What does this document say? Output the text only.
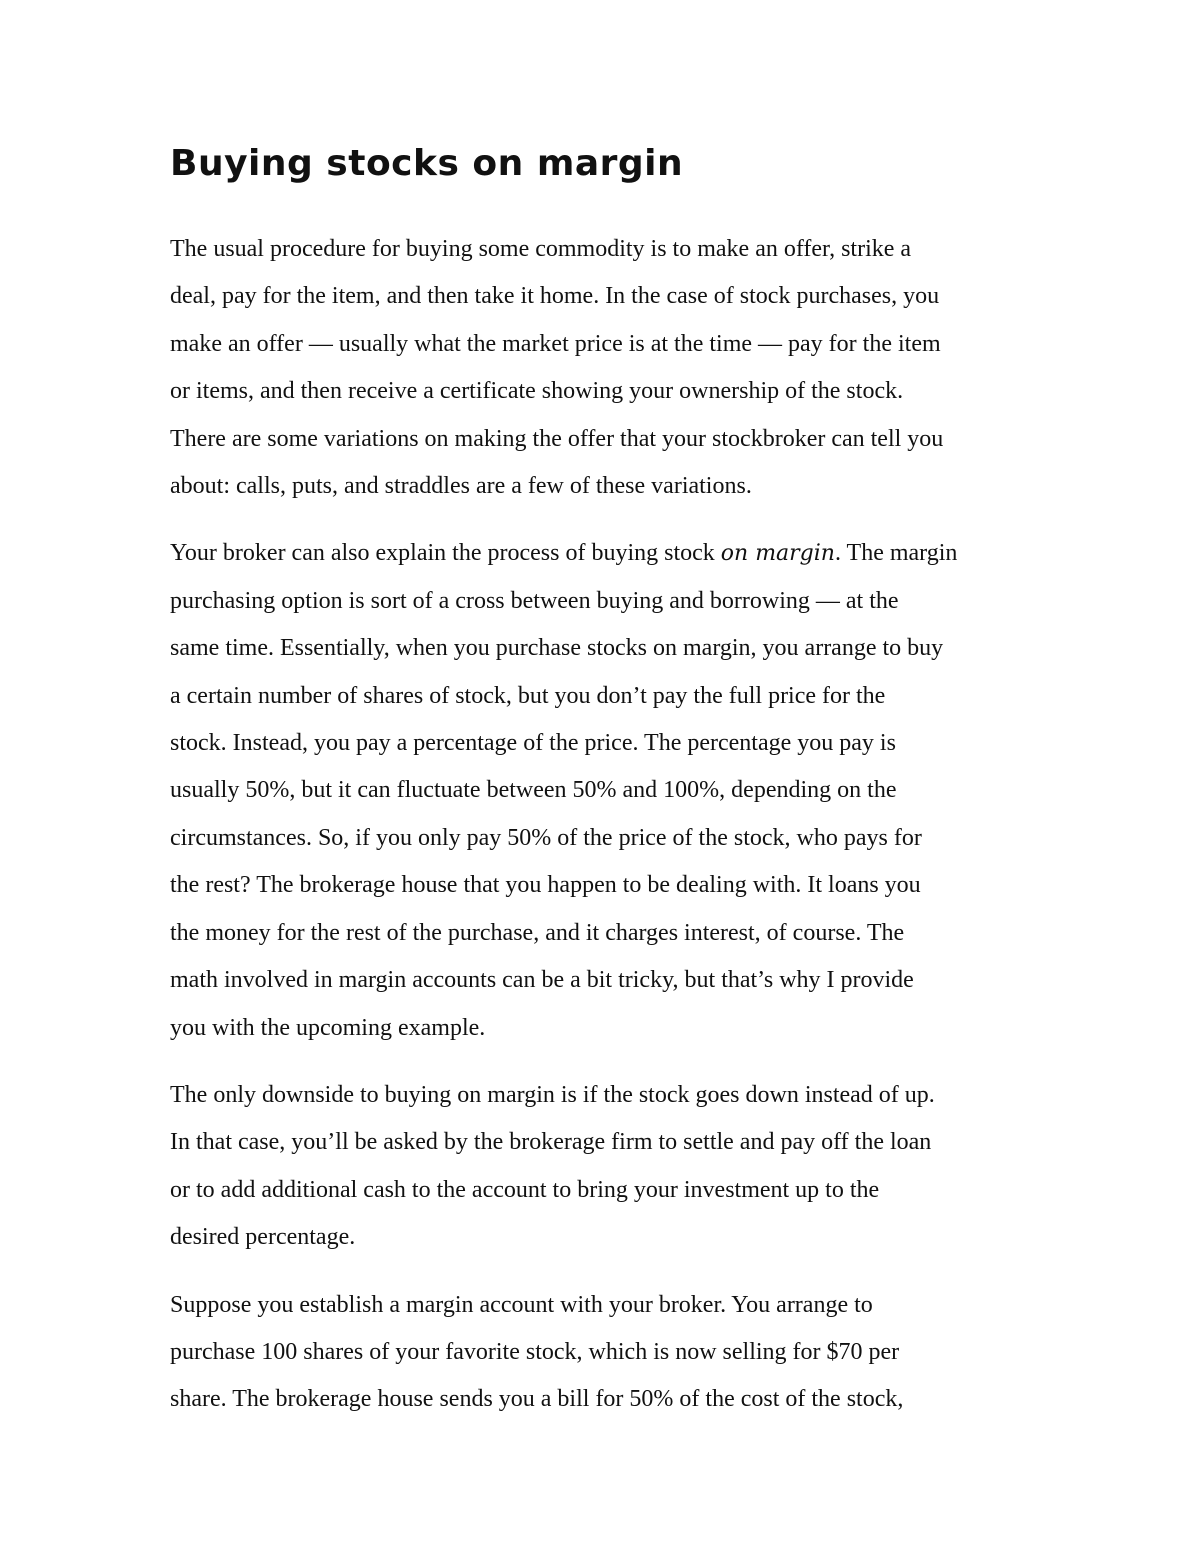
Buying stocks on margin

The usual procedure for buying some commodity is to make an offer, strike a
deal, pay for the item, and then take it home. In the case of stock purchases, you
make an offer — usually what the market price is at the time — pay for the item
or items, and then receive a certificate showing your ownership of the stock.
There are some variations on making the offer that your stockbroker can tell you
about: calls, puts, and straddles are a few of these variations.

Your broker can also explain the process of buying stock on margin. The margin
purchasing option is sort of a cross between buying and borrowing — at the
same time. Essentially, when you purchase stocks on margin, you arrange to buy
a certain number of shares of stock, but you don’t pay the full price for the
stock. Instead, you pay a percentage of the price. The percentage you pay is
usually 50%, but it can fluctuate between 50% and 100%, depending on the
circumstances. So, if you only pay 50% of the price of the stock, who pays for
the rest? The brokerage house that you happen to be dealing with. It loans you
the money for the rest of the purchase, and it charges interest, of course. The
math involved in margin accounts can be a bit tricky, but that’s why I provide
you with the upcoming example.

The only downside to buying on margin is if the stock goes down instead of up.
In that case, you’ll be asked by the brokerage firm to settle and pay off the loan
or to add additional cash to the account to bring your investment up to the
desired percentage.

Suppose you establish a margin account with your broker. You arrange to
purchase 100 shares of your favorite stock, which is now selling for $70 per
share. The brokerage house sends you a bill for 50% of the cost of the stock,
